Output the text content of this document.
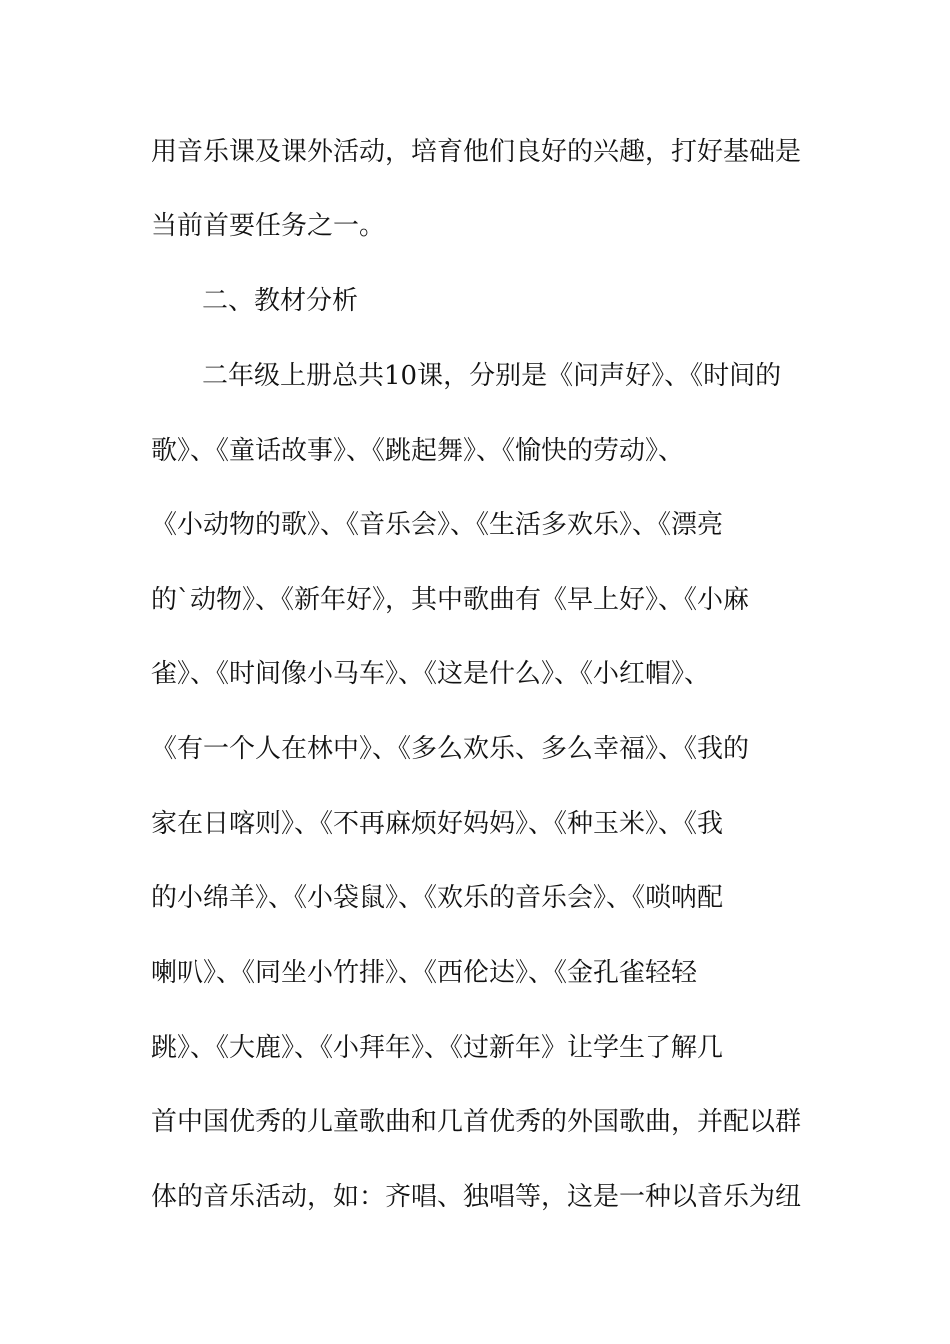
用音乐课及课外活动，培育他们良好的兴趣，打好基础是

当前首要任务之一。

二、教材分析

二年级上册总共10课，分别是《问声好》、《时间的

歌》、《童话故事》、《跳起舞》、《愉快的劳动》、

《小动物的歌》、《音乐会》、《生活多欢乐》、《漂亮

的`动物》、《新年好》，其中歌曲有《早上好》、《小麻

雀》、《时间像小马车》、《这是什么》、《小红帽》、

《有一个人在林中》、《多么欢乐、多么幸福》、《我的

家在日喀则》、《不再麻烦好妈妈》、《种玉米》、《我

的小绵羊》、《小袋鼠》、《欢乐的音乐会》、《唢呐配

喇叭》、《同坐小竹排》、《西伦达》、《金孔雀轻轻

跳》、《大鹿》、《小拜年》、《过新年》让学生了解几

首中国优秀的儿童歌曲和几首优秀的外国歌曲，并配以群

体的音乐活动，如：齐唱、独唱等，这是一种以音乐为纽
